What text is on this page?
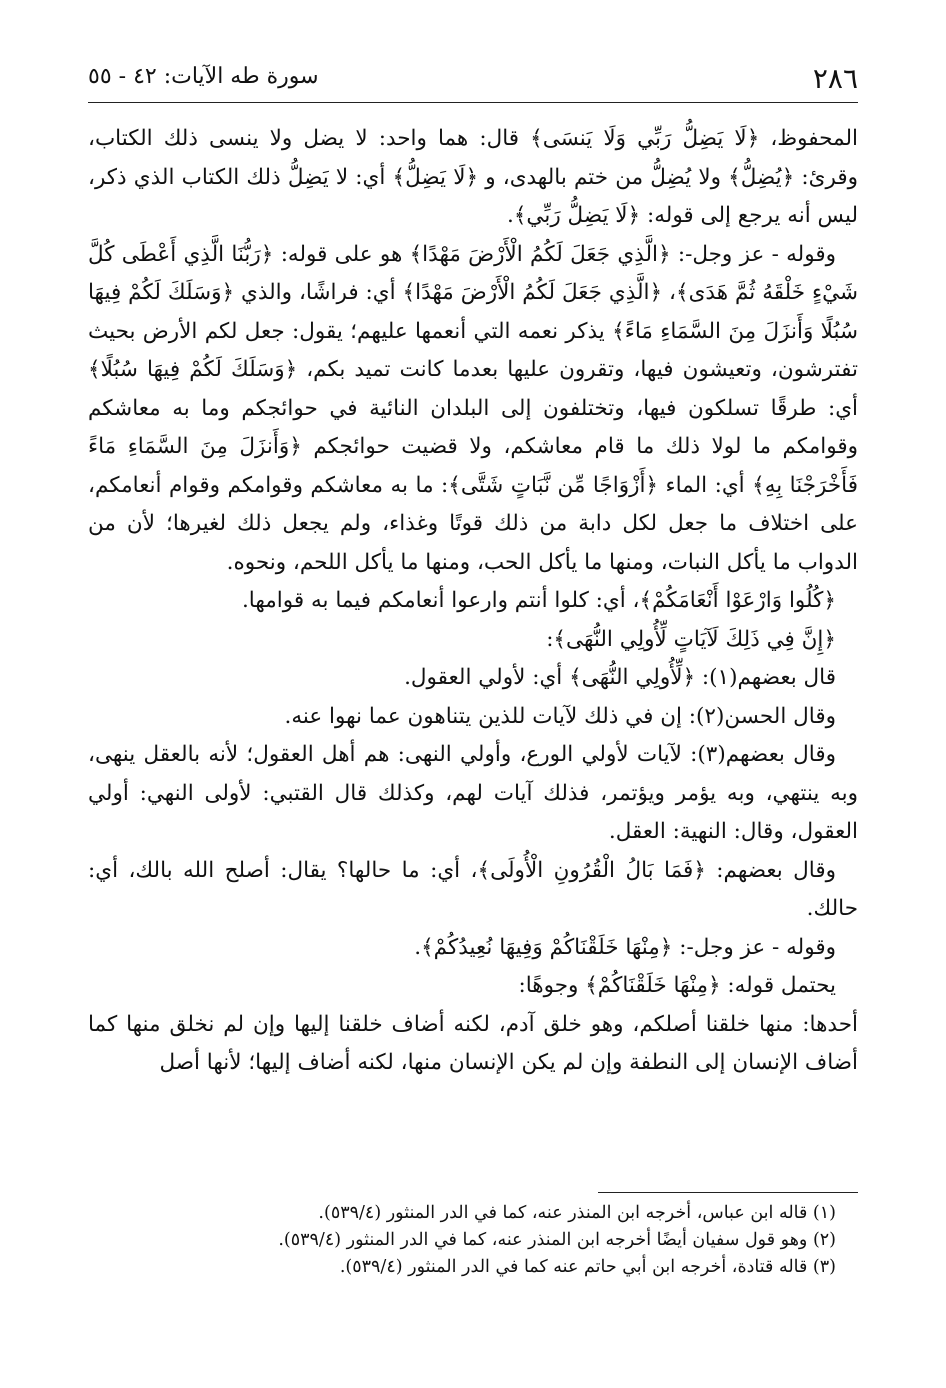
٢٨٦
سورة طه الآيات: ٤٢ - ٥٥

المحفوظ، ﴿لَا يَضِلُّ رَبِّي وَلَا يَنسَى﴾ قال: هما واحد: لا يضل ولا ينسى ذلك الكتاب، وقرئ: ﴿يُضِلُّ﴾ ولا يُضِلُّ من ختم بالهدى، و ﴿لَا يَضِلُّ﴾ أي: لا يَضِلُّ ذلك الكتاب الذي ذكر، ليس أنه يرجع إلى قوله: ﴿لَا يَضِلُّ رَبِّي﴾.

وقوله - عز وجل-: ﴿الَّذِي جَعَلَ لَكُمُ الْأَرْضَ مَهْدًا﴾ هو على قوله: ﴿رَبُّنَا الَّذِي أَعْطَى كُلَّ شَيْءٍ خَلْقَهُ ثُمَّ هَدَى﴾، ﴿الَّذِي جَعَلَ لَكُمُ الْأَرْضَ مَهْدًا﴾ أي: فراشًا، والذي ﴿وَسَلَكَ لَكُمْ فِيهَا سُبُلًا وَأَنزَلَ مِنَ السَّمَاءِ مَاءً﴾ يذكر نعمه التي أنعمها عليهم؛ يقول: جعل لكم الأرض بحيث تفترشون، وتعيشون فيها، وتقرون عليها بعدما كانت تميد بكم، ﴿وَسَلَكَ لَكُمْ فِيهَا سُبُلًا﴾ أي: طرقًا تسلكون فيها، وتختلفون إلى البلدان النائية في حوائجكم وما به معاشكم وقوامكم ما لولا ذلك ما قام معاشكم، ولا قضيت حوائجكم ﴿وَأَنزَلَ مِنَ السَّمَاءِ مَاءً فَأَخْرَجْنَا بِهِ﴾ أي: الماء ﴿أَزْوَاجًا مِّن نَّبَاتٍ شَتَّى﴾: ما به معاشكم وقوامكم وقوام أنعامكم، على اختلاف ما جعل لكل دابة من ذلك قوتًا وغذاء، ولم يجعل ذلك لغيرها؛ لأن من الدواب ما يأكل النبات، ومنها ما يأكل الحب، ومنها ما يأكل اللحم، ونحوه.

﴿كُلُوا وَارْعَوْا أَنْعَامَكُمْ﴾، أي: كلوا أنتم وارعوا أنعامكم فيما به قوامها.

﴿إِنَّ فِي ذَلِكَ لَآيَاتٍ لِّأُولِي النُّهَى﴾:

قال بعضهم(١): ﴿لِّأُولِي النُّهَى﴾ أي: لأولي العقول.

وقال الحسن(٢): إن في ذلك لآيات للذين يتناهون عما نهوا عنه.

وقال بعضهم(٣): لآيات لأولي الورع، وأولي النهى: هم أهل العقول؛ لأنه بالعقل ينهى، وبه ينتهي، وبه يؤمر ويؤتمر، فذلك آيات لهم، وكذلك قال القتبي: لأولى النهي: أولي العقول، وقال: النهية: العقل.

وقال بعضهم: ﴿فَمَا بَالُ الْقُرُونِ الْأُولَى﴾، أي: ما حالها؟ يقال: أصلح الله بالك، أي: حالك.

وقوله - عز وجل-: ﴿مِنْهَا خَلَقْنَاكُمْ وَفِيهَا نُعِيدُكُمْ﴾.

يحتمل قوله: ﴿مِنْهَا خَلَقْنَاكُمْ﴾ وجوهًا:

أحدها: منها خلقنا أصلكم، وهو خلق آدم، لكنه أضاف خلقنا إليها وإن لم نخلق منها كما أضاف الإنسان إلى النطفة وإن لم يكن الإنسان منها، لكنه أضاف إليها؛ لأنها أصل

(١) قاله ابن عباس، أخرجه ابن المنذر عنه، كما في الدر المنثور (٥٣٩/٤).

(٢) وهو قول سفيان أيضًا أخرجه ابن المنذر عنه، كما في الدر المنثور (٥٣٩/٤).

(٣) قاله قتادة، أخرجه ابن أبي حاتم عنه كما في الدر المنثور (٥٣٩/٤).
